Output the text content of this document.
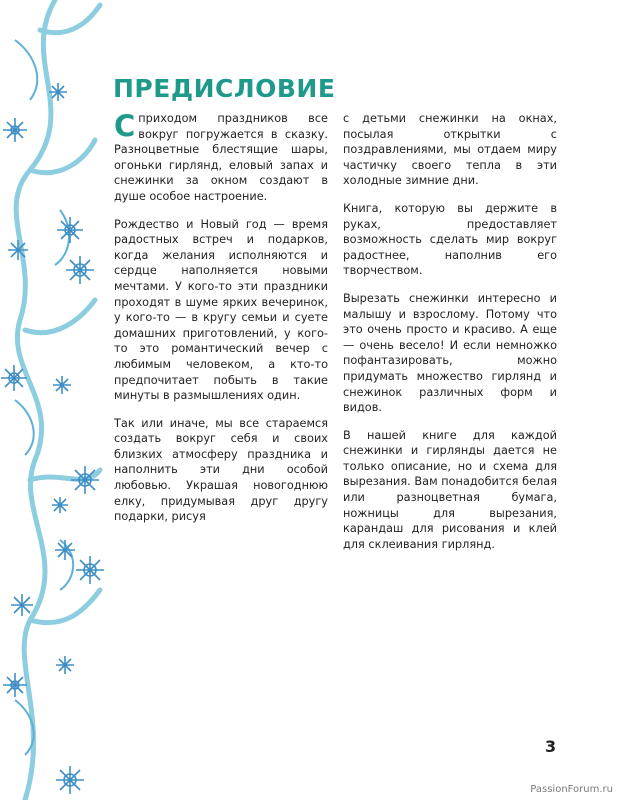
ПРЕДИСЛОВИЕ

Сприходом праздников все вокруг погружается в сказку. Разноцветные блестящие шары, огоньки гирлянд, еловый запах и снежинки за окном создают в душе особое настроение.

Рождество и Новый год — время радостных встреч и подарков, когда желания исполняются и сердце наполняется новыми мечтами. У кого-то эти праздники проходят в шуме ярких вечеринок, у кого-то — в кругу семьи и суете домашних приготовлений, у кого-то это романтический вечер с любимым человеком, а кто-то предпочитает побыть в такие минуты в размышлениях один.

Так или иначе, мы все стараемся создать вокруг себя и своих близких атмосферу праздника и наполнить эти дни особой любовью. Украшая новогоднюю елку, придумывая друг другу подарки, рисуя

с детьми снежинки на окнах, посылая открытки с поздравлениями, мы отдаем миру частичку своего тепла в эти холодные зимние дни.

Книга, которую вы держите в руках, предоставляет возможность сделать мир вокруг радостнее, наполнив его творчеством.

Вырезать снежинки интересно и малышу и взрослому. Потому что это очень просто и красиво. А еще — очень весело! И если немножко пофантазировать, можно придумать множество гирлянд и снежинок различных форм и видов.

В нашей книге для каждой снежинки и гирлянды дается не только описание, но и схема для вырезания. Вам понадобится белая или разноцветная бумага, ножницы для вырезания, карандаш для рисования и клей для склеивания гирлянд.

3
PassionForum.ru
